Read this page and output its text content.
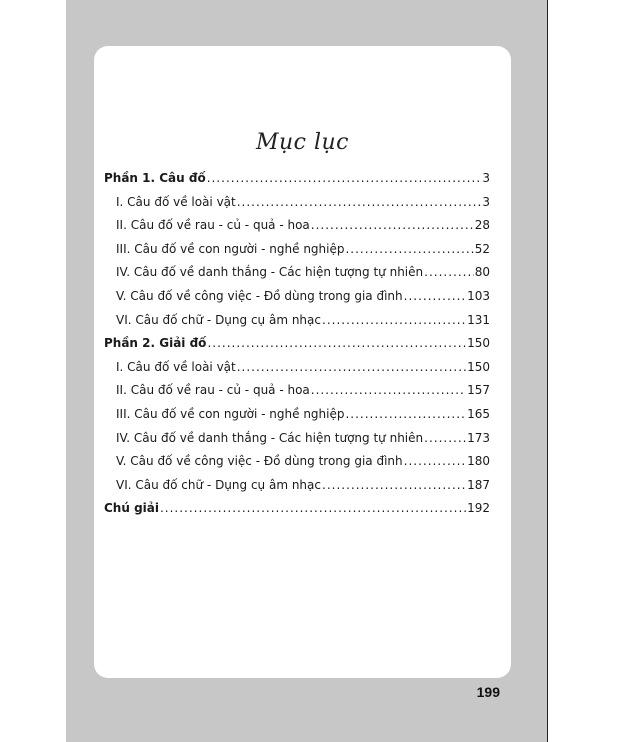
Mục lục
Phần 1. Câu đố .....	3
I. Câu đố về loài vật .....	3
II. Câu đố về rau - củ - quả - hoa .....	28
III. Câu đố về con người - nghề nghiệp .....	52
IV. Câu đố về danh thắng - Các hiện tượng tự nhiên .....	80
V. Câu đố về công việc - Đồ dùng trong gia đình .....	103
VI. Câu đố chữ - Dụng cụ âm nhạc .....	131
Phần 2. Giải đố .....	150
I. Câu đố về loài vật .....	150
II. Câu đố về rau - củ - quả - hoa .....	157
III. Câu đố về con người - nghề nghiệp .....	165
IV. Câu đố về danh thắng - Các hiện tượng tự nhiên .....	173
V. Câu đố về công việc - Đồ dùng trong gia đình .....	180
VI. Câu đố chữ - Dụng cụ âm nhạc .....	187
Chú giải .....	192
199
